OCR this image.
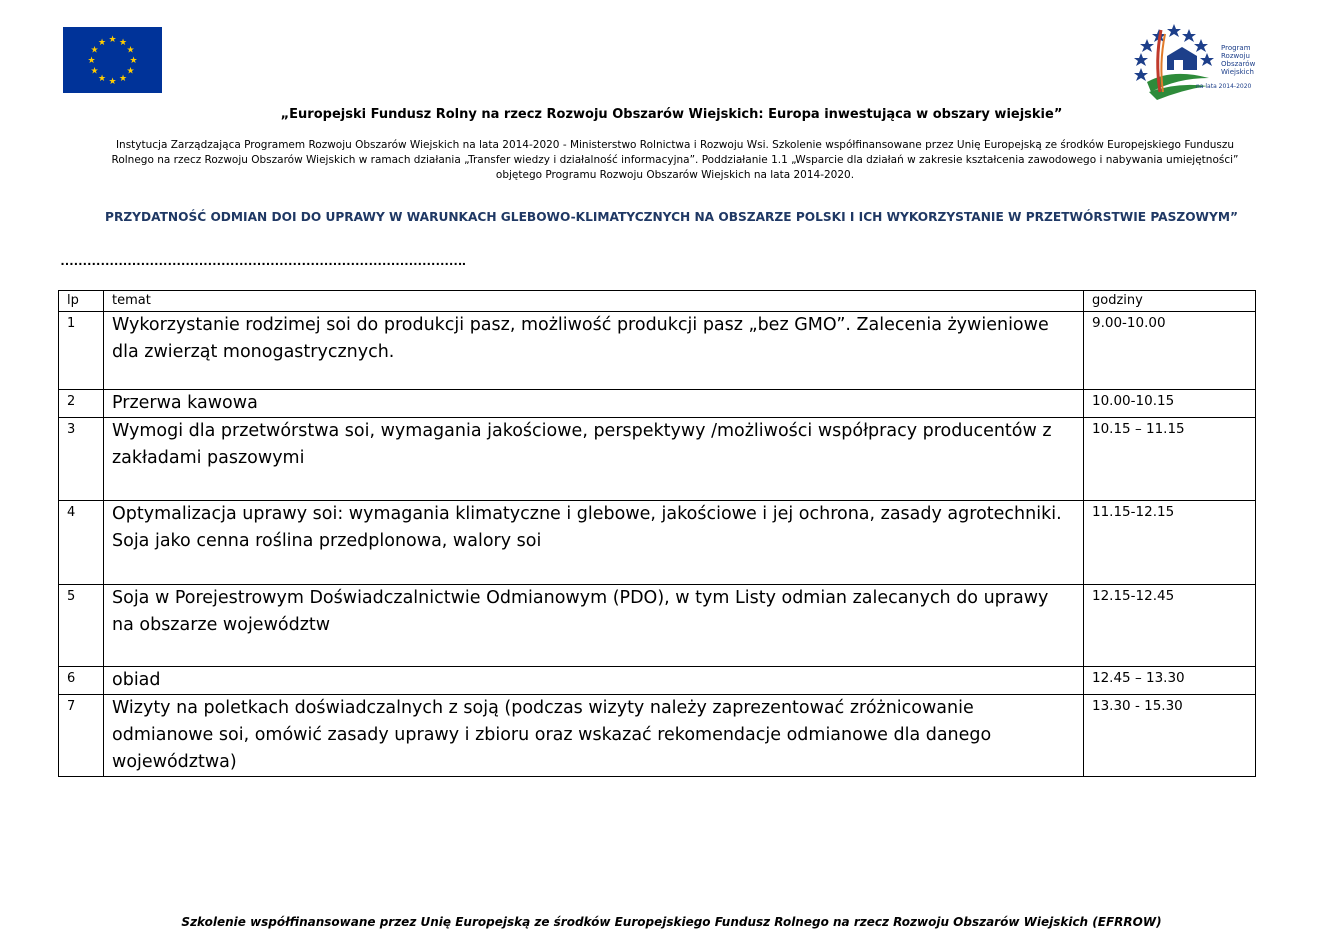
★ ★
★
★
★
★
★
★
★
★
★
★	Program
Rozwoju
Obszarów
Wiejskich
na lata 2014-2020
„Europejski Fundusz Rolny na rzecz Rozwoju Obszarów Wiejskich: Europa inwestująca w obszary wiejskie”
Instytucja Zarządzająca Programem Rozwoju Obszarów Wiejskich na lata 2014-2020 - Ministerstwo Rolnictwa i Rozwoju Wsi. Szkolenie współfinansowane przez Unię Europejską ze środków Europejskiego Funduszu
Rolnego na rzecz Rozwoju Obszarów Wiejskich w ramach działania „Transfer wiedzy i działalność informacyjna”. Poddziałanie 1.1 „Wsparcie dla działań w zakresie kształcenia zawodowego i nabywania umiejętności”
objętego Programu Rozwoju Obszarów Wiejskich na lata 2014-2020.
PRZYDATNOŚĆ ODMIAN DOI DO UPRAWY W WARUNKACH GLEBOWO-KLIMATYCZNYCH NA OBSZARZE POLSKI I ICH WYKORZYSTANIE W PRZETWÓRSTWIE PASZOWYM”
……………………………………………………………………………….
lp	temat	godziny
1	Wykorzystanie rodzimej soi do produkcji pasz, możliwość produkcji pasz „bez GMO”. Zalecenia żywieniowe dla zwierząt monogastrycznych.	9.00-10.00
2	Przerwa kawowa	10.00-10.15
3	Wymogi dla przetwórstwa soi, wymagania jakościowe, perspektywy /możliwości współpracy producentów z zakładami paszowymi	10.15 – 11.15
4	Optymalizacja uprawy soi: wymagania klimatyczne i glebowe, jakościowe i jej ochrona, zasady agrotechniki. Soja jako cenna roślina przedplonowa, walory soi	11.15-12.15
5	Soja w Porejestrowym Doświadczalnictwie Odmianowym (PDO), w tym Listy odmian zalecanych do uprawy na obszarze województw	12.15-12.45
6	obiad	12.45 – 13.30
7	Wizyty na poletkach doświadczalnych z soją (podczas wizyty należy zaprezentować zróżnicowanie odmianowe soi, omówić zasady uprawy i zbioru oraz wskazać rekomendacje odmianowe dla danego województwa)	13.30 - 15.30
Szkolenie współfinansowane przez Unię Europejską ze środków Europejskiego Fundusz Rolnego na rzecz Rozwoju Obszarów Wiejskich (EFRROW)
